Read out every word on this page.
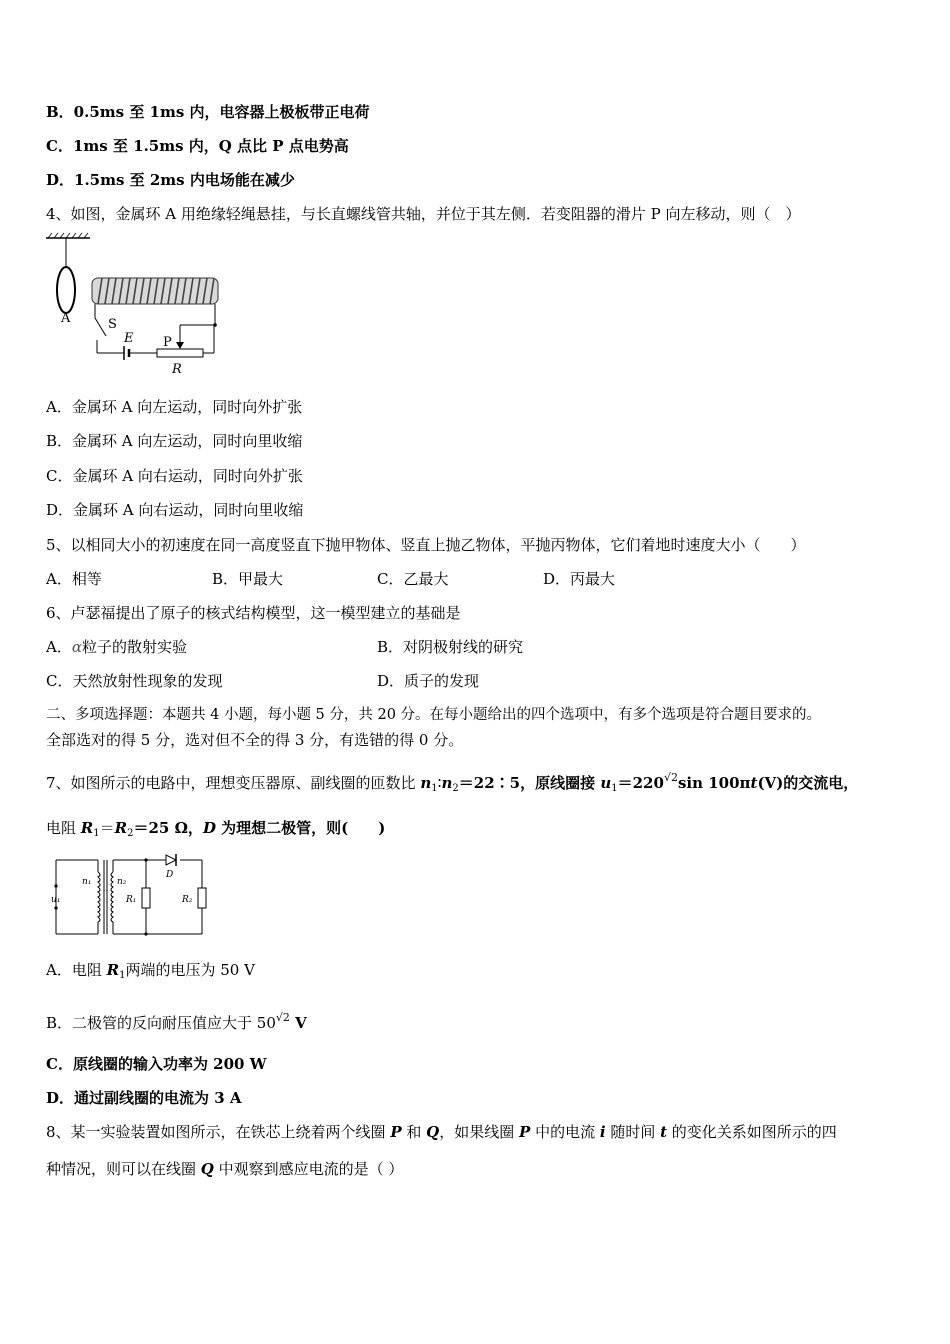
B．0.5ms 至 1ms 内，电容器上极板带正电荷
C．1ms 至 1.5ms 内，Q 点比 P 点电势高
D．1.5ms 至 2ms 内电场能在减少
4、如图，金属环 A 用绝缘轻绳悬挂，与长直螺线管共轴，并位于其左侧．若变阻器的滑片 P 向左移动，则（　）
A	S
E P
R
A．金属环 A 向左运动，同时向外扩张
B．金属环 A 向左运动，同时向里收缩
C．金属环 A 向右运动，同时向外扩张
D．金属环 A 向右运动，同时向里收缩
5、以相同大小的初速度在同一高度竖直下抛甲物体、竖直上抛乙物体，平抛丙物体，它们着地时速度大小（　　）
A．相等	B．甲最大	C．乙最大	D．丙最大
6、卢瑟福提出了原子的核式结构模型，这一模型建立的基础是
A．α粒子的散射实验	B．对阴极射线的研究
C．天然放射性现象的发现	D．质子的发现
二、多项选择题：本题共 4 小题，每小题 5 分，共 20 分。在每小题给出的四个选项中，有多个选项是符合题目要求的。
全部选对的得 5 分，选对但不全的得 3 分，有选错的得 0 分。
7、如图所示的电路中，理想变压器原、副线圈的匝数比 $n_1∶n_2=22∶5$，原线圈接 $u_1=220^{√2}\sin$ 100πt(V)的交流电，
电阻 $R_1=R_2=25$ Ω，D 为理想二极管，则(　　)
n₁	n₂
u₁	R₁	R₂
D
A．电阻 $R_1$两端的电压为 50 V
B．二极管的反向耐压值应大于 $50^{√2}$ V
C．原线圈的输入功率为 200 W
D．通过副线圈的电流为 3 A
8、某一实验装置如图所示，在铁芯上绕着两个线圈 P 和 Q，如果线圈 P 中的电流 i 随时间 t 的变化关系如图所示的四
种情况，则可以在线圈 Q 中观察到感应电流的是（ ）
